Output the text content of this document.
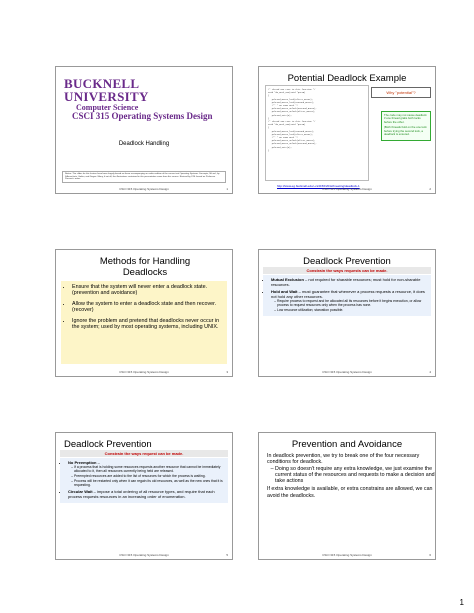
BUCKNELL UNIVERSITY
Computer Science
CSCI 315 Operating Systems Design
Deadlock Handling
Notice: The slides for this lecture have been largely based on those accompanying an earlier edition of the course text Operating Systems Concepts, 9th ed., by Silberschatz, Galvin, and Gagne. Many, if not all, the illustrations contained in this presentation come from this source. Revised by X.M. based on Professor Perrone's notes.
CSCI 315 Operating Systems Design	1
Potential Deadlock Example
/* thread one runs in this function */
void *do_work_one(void *param)
{
pthread_mutex_lock(&first_mutex);
pthread_mutex_lock(&second_mutex);
/** * Do some work */
pthread_mutex_unlock(&second_mutex);
pthread_mutex_unlock(&first_mutex);
pthread_exit(0);
}
/* thread two runs in this function */
void *do_work_two(void *param)
{
pthread_mutex_lock(&second_mutex);
pthread_mutex_lock(&first_mutex);
/** * Do some work */
pthread_mutex_unlock(&first_mutex);
pthread_mutex_unlock(&second_mutex);
pthread_exit(0);
}
Why "potential"?

The code may not cause deadlock if one thread grabs both locks before the other.

(Both threads hold on the one lock before trying the second lock, a deadlock is ensured.

http://www.eg.bucknell.edu/~cs315/F2012/meeting/deadlock-1
CSCI 315 Operating Systems Design	2
Methods for Handling Deadlocks
• Ensure that the system will never enter a deadlock state. (prevention and avoidance)
• Allow the system to enter a deadlock state and then recover. (recover)
• Ignore the problem and pretend that deadlocks never occur in the system; used by most operating systems, including UNIX.
CSCI 315 Operating Systems Design	3
Deadlock Prevention
Constrain the ways requests can be made.
• Mutual Exclusion – not required for sharable resources; must hold for non-sharable resources.
• Hold and Wait – must guarantee that whenever a process requests a resource, it does not hold any other resources.
– Require process to request and be allocated all its resources before it begins execution, or allow process to request resources only when the process has none.
– Low resource utilization; starvation possible.
CSCI 315 Operating Systems Design	4
Deadlock Prevention
Constrain the ways request can be made.
• No Preemption –
– If a process that is holding some resources requests another resource that cannot be immediately allocated to it, then all resources currently being held are released.
– Preempted resources are added to the list of resources for which the process is waiting.
– Process will be restarted only when it can regain its old resources, as well as the new ones that it is requesting.
• Circular Wait – impose a total ordering of all resource types, and require that each process requests resources in an increasing order of enumeration.
CSCI 315 Operating Systems Design	5
Prevention and Avoidance
• In deadlock prevention, we try to break one of the four necessary conditions for deadlock.
– Doing so doesn't require any extra knowledge, we just examine the current status of the resources and requests to make a decision and take actions
• If extra knowledge is available, or extra constrains are allowed, we can avoid the deadlocks.
CSCI 315 Operating Systems Design	6
1
